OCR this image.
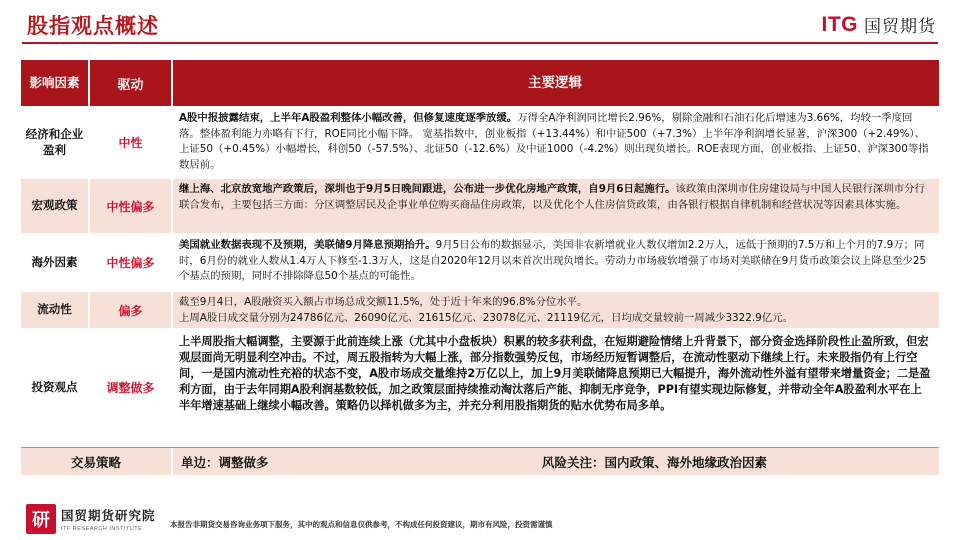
股指观点概述	ITG 国贸期货
影响因素	驱动	主要逻辑
经济和企业盈利	中性
A股中报披露结束，上半年A股盈利整体小幅改善，但修复速度逐季放缓。万得全A净利润同比增长2.96%，剔除金融和石油石化后增速为3.66%，均较一季度回落。整体盈利能力亦略有下行，ROE同比小幅下降。 宽基指数中，创业板指（+13.44%）和中证500（+7.3%）上半年净利润增长显著，沪深300（+2.49%）、上证50（+0.45%）小幅增长，科创50（-57.5%）、北证50（-12.6%）及中证1000（-4.2%）则出现负增长。ROE表现方面，创业板指、上证50、沪深300等指数居前。
宏观政策	中性偏多
继上海、北京放宽地产政策后，深圳也于9月5日晚间跟进，公布进一步优化房地产政策，自9月6日起施行。该政策由深圳市住房建设局与中国人民银行深圳市分行联合发布，主要包括三方面：分区调整居民及企事业单位购买商品住房政策，以及优化个人住房信贷政策，由各银行根据自律机制和经营状况等因素具体实施。
海外因素	中性偏多
美国就业数据表现不及预期，美联储9月降息预期抬升。9月5日公布的数据显示，美国非农新增就业人数仅增加2.2万人，远低于预期的7.5万和上个月的7.9万；同时，6月份的就业人数从1.4万人下修至-1.3万人，这是自2020年12月以来首次出现负增长。劳动力市场疲软增强了市场对美联储在9月货币政策会议上降息至少25个基点的预期，同时不排除降息50个基点的可能性。
流动性	偏多
截至9月4日，A股融资买入额占市场总成交额11.5%，处于近十年来的96.8%分位水平。
上周A股日成交量分别为24786亿元、26090亿元、21615亿元、23078亿元、21119亿元，日均成交量较前一周减少3322.9亿元。
投资观点	调整做多
上半周股指大幅调整，主要源于此前连续上涨（尤其中小盘板块）积累的较多获利盘，在短期避险情绪上升背景下，部分资金选择阶段性止盈所致，但宏观层面尚无明显利空冲击。不过，周五股指转为大幅上涨，部分指数强势反包，市场经历短暂调整后，在流动性驱动下继续上行。未来股指仍有上行空间，一是国内流动性充裕的状态不变，A股市场成交量维持2万亿以上，加上9月美联储降息预期已大幅提升，海外流动性外溢有望带来增量资金；二是盈利方面，由于去年同期A股利润基数较低，加之政策层面持续推动淘汰落后产能、抑制无序竞争，PPI有望实现边际修复，并带动全年A股盈利水平在上半年增速基础上继续小幅改善。策略仍以择机做多为主，并充分利用股指期货的贴水优势布局多单。
交易策略	单边：调整做多	风险关注：国内政策、海外地缘政治因素
研 国贸期货研究院
ITF RESEARCH INSTITUTE	本报告非期货交易咨询业务项下服务，其中的观点和信息仅供参考，不构成任何投资建议，期市有风险，投资需谨慎
